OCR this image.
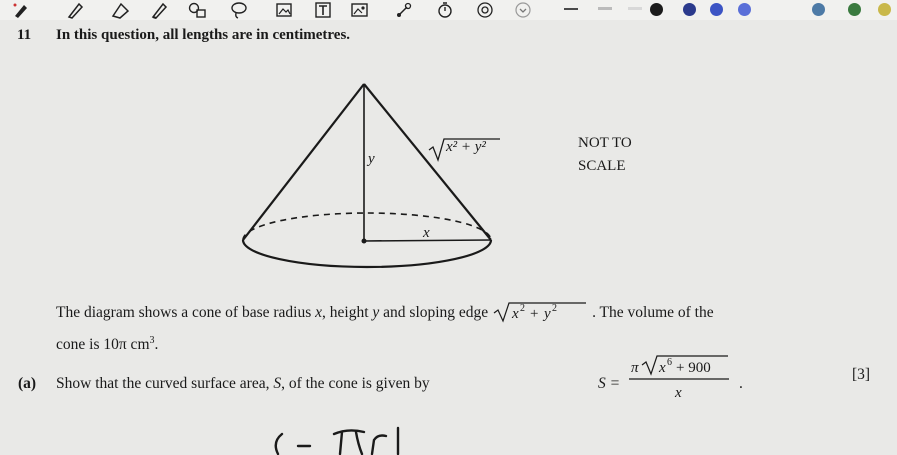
11 In this question, all lengths are in centimetres.
y
x
x² + y²	NOT TO
SCALE
The diagram shows a cone of base radius x, height y and sloping edge x 2 + y 2 . The volume of the
cone is 10π $cm^3$.
(a) Show that the curved surface area, S, of the cone is given by	S =
π x 6 + 900
x
.
[3]
